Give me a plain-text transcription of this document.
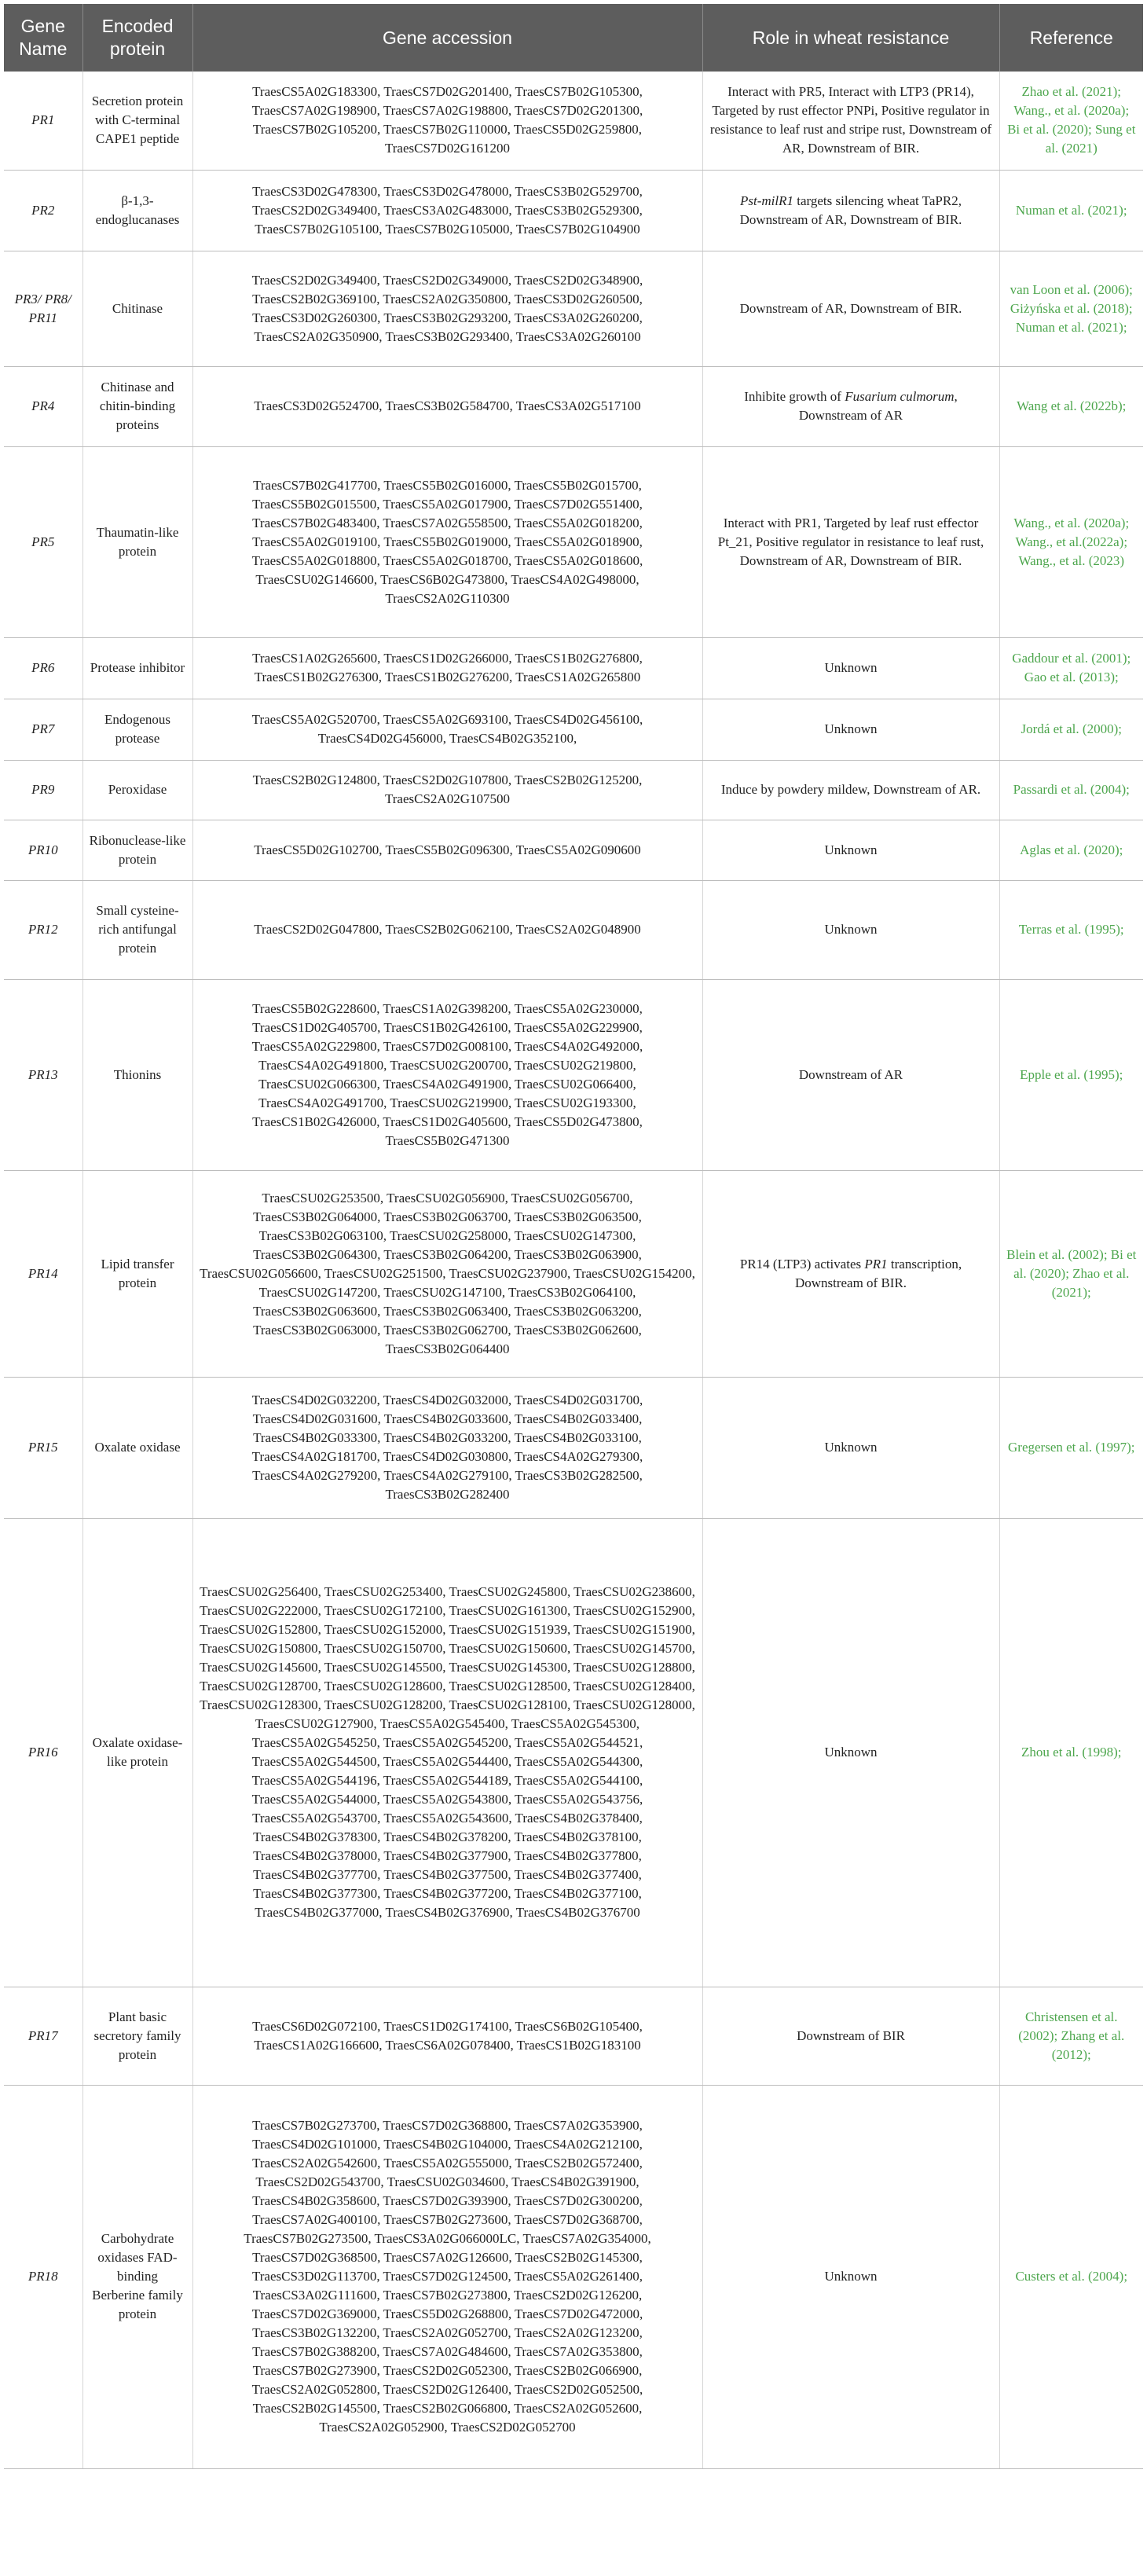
Gene Name	Encoded protein	Gene accession	Role in wheat resistance	Reference
PR1	Secretion protein with C-terminal CAPE1 peptide	TraesCS5A02G183300, TraesCS7D02G201400, TraesCS7B02G105300, TraesCS7A02G198900, TraesCS7A02G198800, TraesCS7D02G201300, TraesCS7B02G105200, TraesCS7B02G110000, TraesCS5D02G259800, TraesCS7D02G161200	Interact with PR5, Interact with LTP3 (PR14), Targeted by rust effector PNPi, Positive regulator in resistance to leaf rust and stripe rust, Downstream of AR, Downstream of BIR.	Zhao et al. (2021); Wang., et al. (2020a); Bi et al. (2020); Sung et al. (2021)
PR2	β-1,3-endoglucanases	TraesCS3D02G478300, TraesCS3D02G478000, TraesCS3B02G529700, TraesCS2D02G349400, TraesCS3A02G483000, TraesCS3B02G529300, TraesCS7B02G105100, TraesCS7B02G105000, TraesCS7B02G104900	Pst-milR1 targets silencing wheat TaPR2, Downstream of AR, Downstream of BIR.	Numan et al. (2021);
PR3/ PR8/ PR11	Chitinase	TraesCS2D02G349400, TraesCS2D02G349000, TraesCS2D02G348900, TraesCS2B02G369100, TraesCS2A02G350800, TraesCS3D02G260500, TraesCS3D02G260300, TraesCS3B02G293200, TraesCS3A02G260200, TraesCS2A02G350900, TraesCS3B02G293400, TraesCS3A02G260100	Downstream of AR, Downstream of BIR.	van Loon et al. (2006); Giżyńska et al. (2018); Numan et al. (2021);
PR4	Chitinase and chitin-binding proteins	TraesCS3D02G524700, TraesCS3B02G584700, TraesCS3A02G517100	Inhibite growth of Fusarium culmorum, Downstream of AR	Wang et al. (2022b);
PR5	Thaumatin-like protein	TraesCS7B02G417700, TraesCS5B02G016000, TraesCS5B02G015700, TraesCS5B02G015500, TraesCS5A02G017900, TraesCS7D02G551400, TraesCS7B02G483400, TraesCS7A02G558500, TraesCS5A02G018200, TraesCS5A02G019100, TraesCS5B02G019000, TraesCS5A02G018900, TraesCS5A02G018800, TraesCS5A02G018700, TraesCS5A02G018600, TraesCSU02G146600, TraesCS6B02G473800, TraesCS4A02G498000, TraesCS2A02G110300	Interact with PR1, Targeted by leaf rust effector Pt_21, Positive regulator in resistance to leaf rust, Downstream of AR, Downstream of BIR.	Wang., et al. (2020a); Wang., et al.(2022a); Wang., et al. (2023)
PR6	Protease inhibitor	TraesCS1A02G265600, TraesCS1D02G266000, TraesCS1B02G276800, TraesCS1B02G276300, TraesCS1B02G276200, TraesCS1A02G265800	Unknown	Gaddour et al. (2001); Gao et al. (2013);
PR7	Endogenous protease	TraesCS5A02G520700, TraesCS5A02G693100, TraesCS4D02G456100, TraesCS4D02G456000, TraesCS4B02G352100,	Unknown	Jordá et al. (2000);
PR9	Peroxidase	TraesCS2B02G124800, TraesCS2D02G107800, TraesCS2B02G125200, TraesCS2A02G107500	Induce by powdery mildew, Downstream of AR.	Passardi et al. (2004);
PR10	Ribonuclease-like protein	TraesCS5D02G102700, TraesCS5B02G096300, TraesCS5A02G090600	Unknown	Aglas et al. (2020);
PR12	Small cysteine-rich antifungal protein	TraesCS2D02G047800, TraesCS2B02G062100, TraesCS2A02G048900	Unknown	Terras et al. (1995);
PR13	Thionins	TraesCS5B02G228600, TraesCS1A02G398200, TraesCS5A02G230000, TraesCS1D02G405700, TraesCS1B02G426100, TraesCS5A02G229900, TraesCS5A02G229800, TraesCS7D02G008100, TraesCS4A02G492000, TraesCS4A02G491800, TraesCSU02G200700, TraesCSU02G219800, TraesCSU02G066300, TraesCS4A02G491900, TraesCSU02G066400, TraesCS4A02G491700, TraesCSU02G219900, TraesCSU02G193300, TraesCS1B02G426000, TraesCS1D02G405600, TraesCS5D02G473800, TraesCS5B02G471300	Downstream of AR	Epple et al. (1995);
PR14	Lipid transfer protein	TraesCSU02G253500, TraesCSU02G056900, TraesCSU02G056700, TraesCS3B02G064000, TraesCS3B02G063700, TraesCS3B02G063500, TraesCS3B02G063100, TraesCSU02G258000, TraesCSU02G147300, TraesCS3B02G064300, TraesCS3B02G064200, TraesCS3B02G063900, TraesCSU02G056600, TraesCSU02G251500, TraesCSU02G237900, TraesCSU02G154200, TraesCSU02G147200, TraesCSU02G147100, TraesCS3B02G064100, TraesCS3B02G063600, TraesCS3B02G063400, TraesCS3B02G063200, TraesCS3B02G063000, TraesCS3B02G062700, TraesCS3B02G062600, TraesCS3B02G064400	PR14 (LTP3) activates PR1 transcription, Downstream of BIR.	Blein et al. (2002); Bi et al. (2020); Zhao et al. (2021);
PR15	Oxalate oxidase	TraesCS4D02G032200, TraesCS4D02G032000, TraesCS4D02G031700, TraesCS4D02G031600, TraesCS4B02G033600, TraesCS4B02G033400, TraesCS4B02G033300, TraesCS4B02G033200, TraesCS4B02G033100, TraesCS4A02G181700, TraesCS4D02G030800, TraesCS4A02G279300, TraesCS4A02G279200, TraesCS4A02G279100, TraesCS3B02G282500, TraesCS3B02G282400	Unknown	Gregersen et al. (1997);
PR16	Oxalate oxidase-like protein	TraesCSU02G256400, TraesCSU02G253400, TraesCSU02G245800, TraesCSU02G238600, TraesCSU02G222000, TraesCSU02G172100, TraesCSU02G161300, TraesCSU02G152900, TraesCSU02G152800, TraesCSU02G152000, TraesCSU02G151939, TraesCSU02G151900, TraesCSU02G150800, TraesCSU02G150700, TraesCSU02G150600, TraesCSU02G145700, TraesCSU02G145600, TraesCSU02G145500, TraesCSU02G145300, TraesCSU02G128800, TraesCSU02G128700, TraesCSU02G128600, TraesCSU02G128500, TraesCSU02G128400, TraesCSU02G128300, TraesCSU02G128200, TraesCSU02G128100, TraesCSU02G128000, TraesCSU02G127900, TraesCS5A02G545400, TraesCS5A02G545300, TraesCS5A02G545250, TraesCS5A02G545200, TraesCS5A02G544521, TraesCS5A02G544500, TraesCS5A02G544400, TraesCS5A02G544300, TraesCS5A02G544196, TraesCS5A02G544189, TraesCS5A02G544100, TraesCS5A02G544000, TraesCS5A02G543800, TraesCS5A02G543756, TraesCS5A02G543700, TraesCS5A02G543600, TraesCS4B02G378400, TraesCS4B02G378300, TraesCS4B02G378200, TraesCS4B02G378100, TraesCS4B02G378000, TraesCS4B02G377900, TraesCS4B02G377800, TraesCS4B02G377700, TraesCS4B02G377500, TraesCS4B02G377400, TraesCS4B02G377300, TraesCS4B02G377200, TraesCS4B02G377100, TraesCS4B02G377000, TraesCS4B02G376900, TraesCS4B02G376700	Unknown	Zhou et al. (1998);
PR17	Plant basic secretory family protein	TraesCS6D02G072100, TraesCS1D02G174100, TraesCS6B02G105400, TraesCS1A02G166600, TraesCS6A02G078400, TraesCS1B02G183100	Downstream of BIR	Christensen et al. (2002); Zhang et al. (2012);
PR18	Carbohydrate oxidases FAD-binding Berberine family protein	TraesCS7B02G273700, TraesCS7D02G368800, TraesCS7A02G353900, TraesCS4D02G101000, TraesCS4B02G104000, TraesCS4A02G212100, TraesCS2A02G542600, TraesCS5A02G555000, TraesCS2B02G572400, TraesCS2D02G543700, TraesCSU02G034600, TraesCS4B02G391900, TraesCS4B02G358600, TraesCS7D02G393900, TraesCS7D02G300200, TraesCS7A02G400100, TraesCS7B02G273600, TraesCS7D02G368700, TraesCS7B02G273500, TraesCS3A02G066000LC, TraesCS7A02G354000, TraesCS7D02G368500, TraesCS7A02G126600, TraesCS2B02G145300, TraesCS3D02G113700, TraesCS7D02G124500, TraesCS5A02G261400, TraesCS3A02G111600, TraesCS7B02G273800, TraesCS2D02G126200, TraesCS7D02G369000, TraesCS5D02G268800, TraesCS7D02G472000, TraesCS3B02G132200, TraesCS2A02G052700, TraesCS2A02G123200, TraesCS7B02G388200, TraesCS7A02G484600, TraesCS7A02G353800, TraesCS7B02G273900, TraesCS2D02G052300, TraesCS2B02G066900, TraesCS2A02G052800, TraesCS2D02G126400, TraesCS2D02G052500, TraesCS2B02G145500, TraesCS2B02G066800, TraesCS2A02G052600, TraesCS2A02G052900, TraesCS2D02G052700	Unknown	Custers et al. (2004);
